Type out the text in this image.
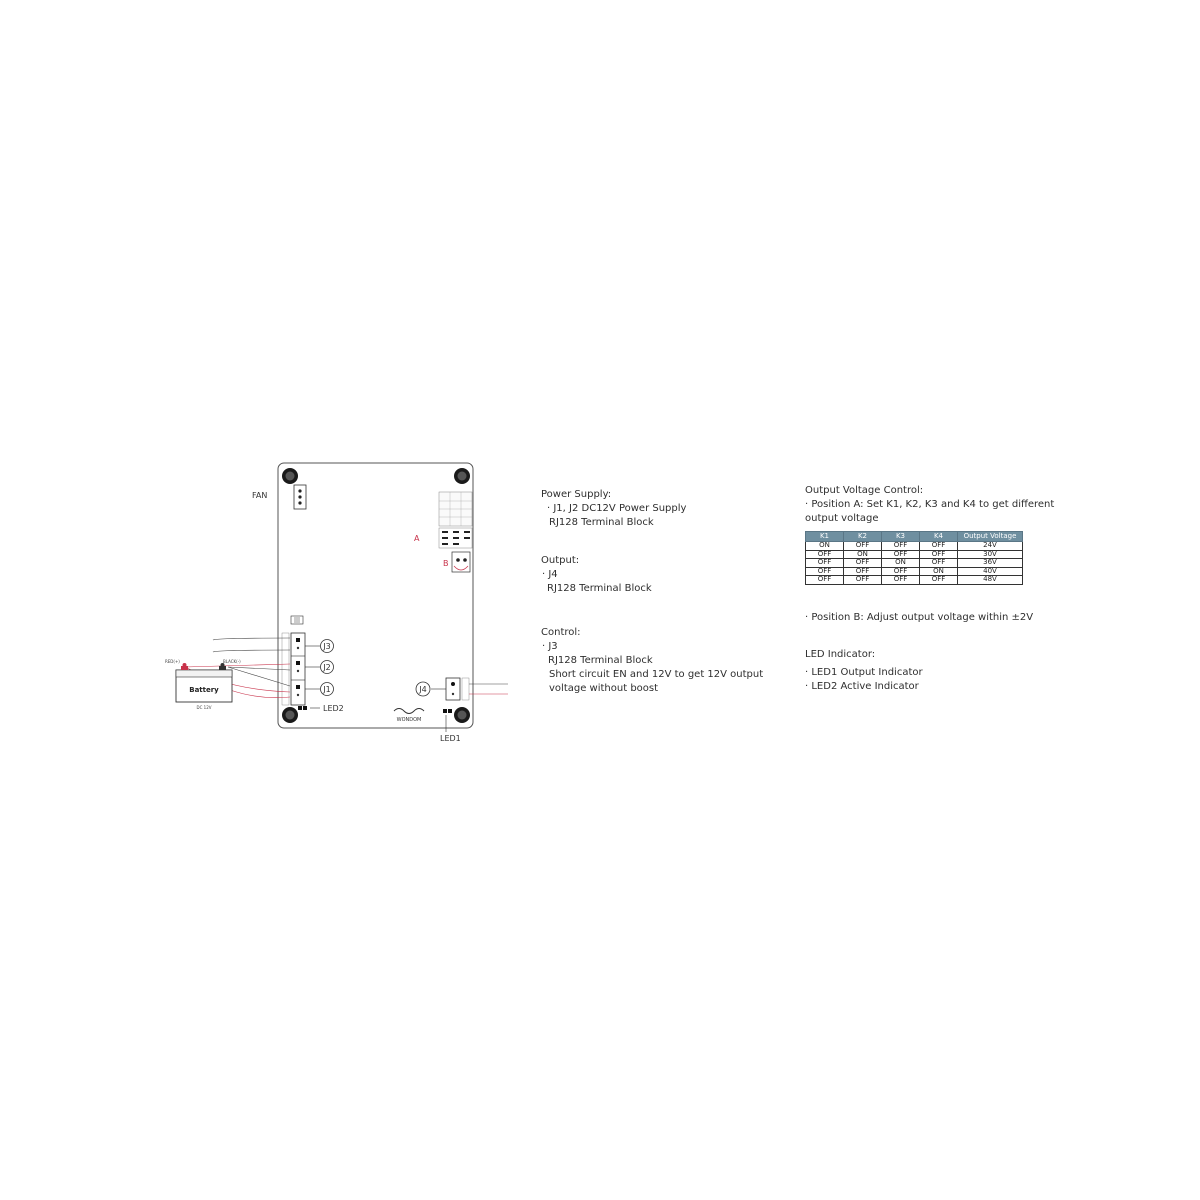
FAN
A
B
J3
J2
J1
LED2
RED(+)	BLACK(-)
Battery
DC 12V
WONDOM
J4
LED1
Power Supply:
· J1, J2 DC12V Power Supply
RJ128 Terminal Block
Output:
· J4
RJ128 Terminal Block
Control:
· J3
RJ128 Terminal Block
Short circuit EN and 12V to get 12V output
voltage without boost
Output Voltage Control:
· Position A: Set K1, K2, K3 and K4 to get different
output voltage
K1	K2	K3	K4	Output Voltage
ON	OFF	OFF	OFF	24V
OFF	ON	OFF	OFF	30V
OFF	OFF	ON	OFF	36V
OFF	OFF	OFF	ON	40V
OFF	OFF	OFF	OFF	48V
· Position B: Adjust output voltage within ±2V
LED Indicator:
· LED1 Output Indicator
· LED2 Active Indicator
